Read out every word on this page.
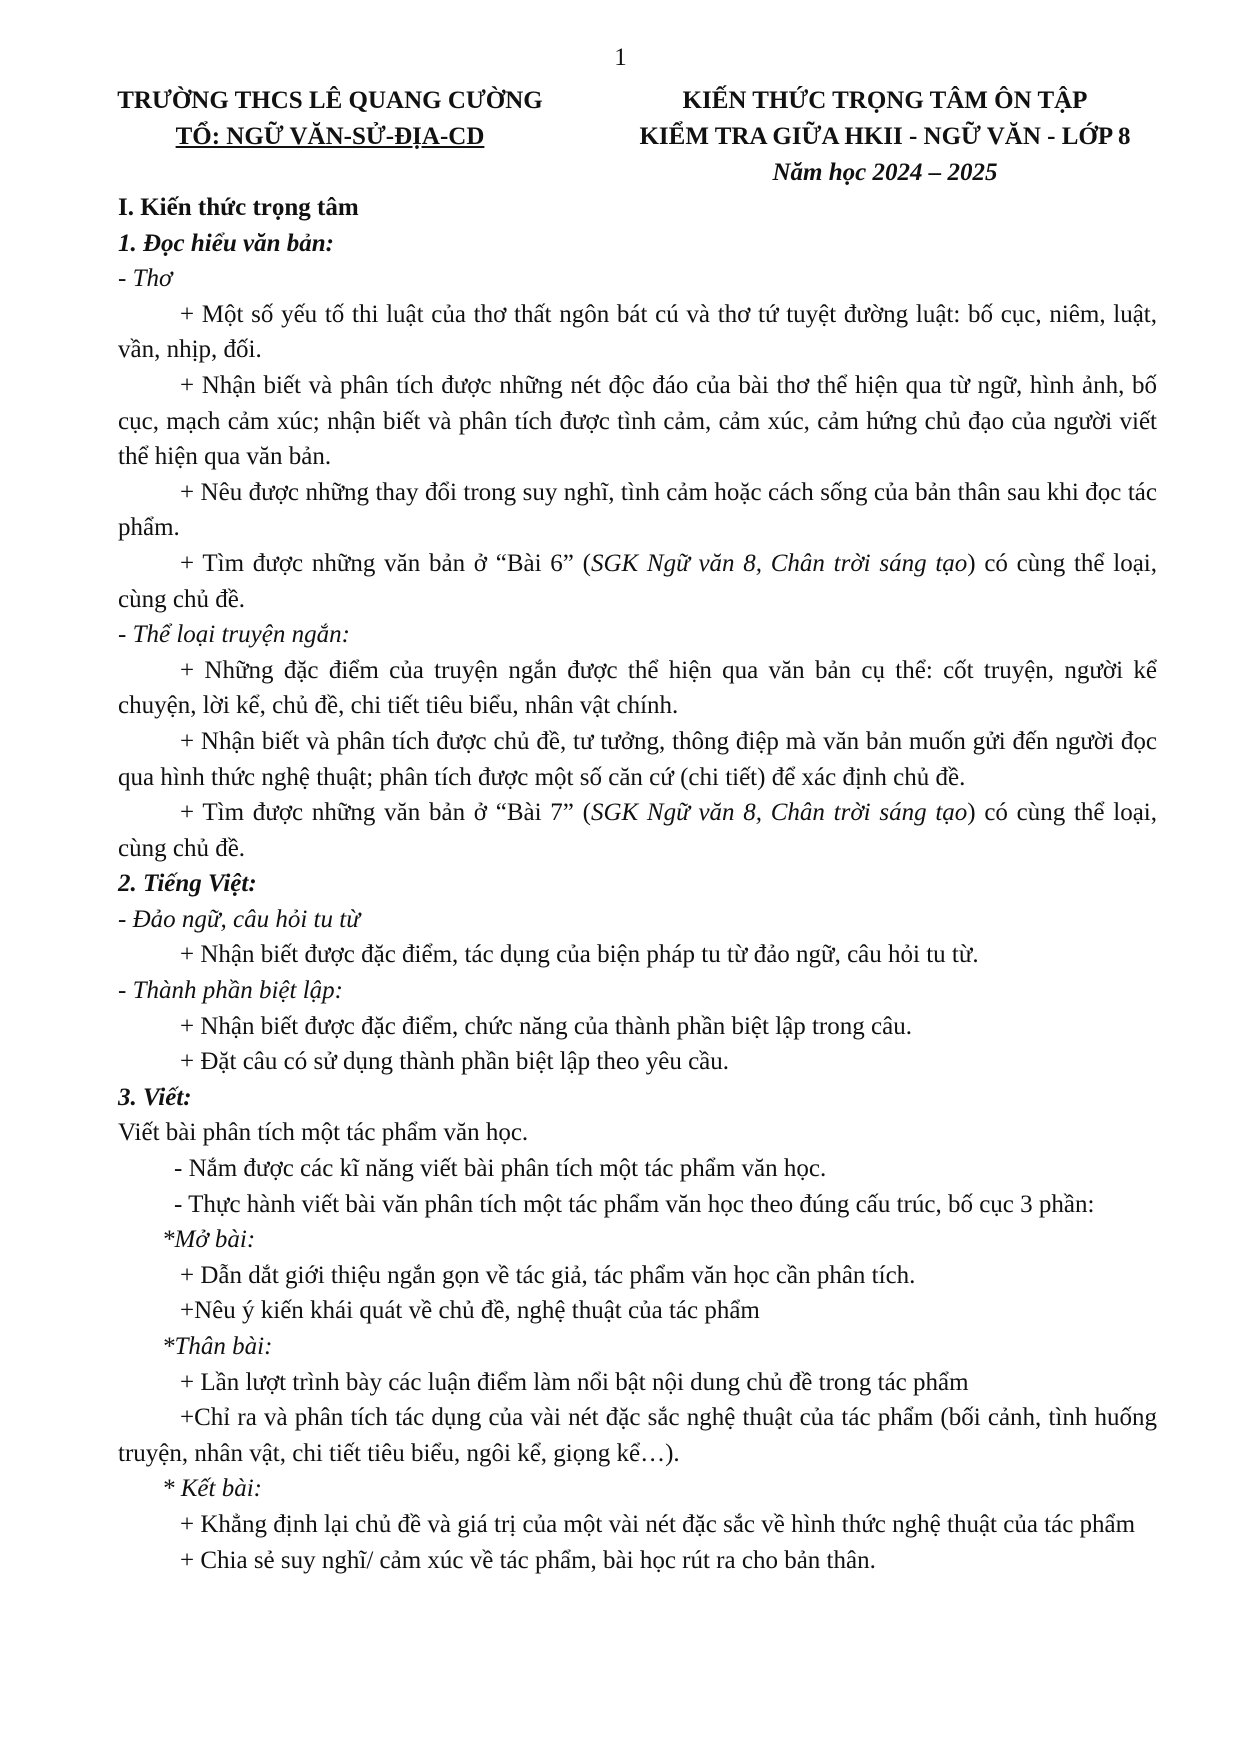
1
TRƯỜNG THCS LÊ QUANG CƯỜNG
TỔ: NGỮ VĂN-SỬ-ĐỊA-CD
KIẾN THỨC TRỌNG TÂM ÔN TẬP
KIỂM TRA GIỮA HKII - NGỮ VĂN - LỚP 8
Năm học 2024 – 2025

I. Kiến thức trọng tâm

1. Đọc hiểu văn bản:

- Thơ

+ Một số yếu tố thi luật của thơ thất ngôn bát cú và thơ tứ tuyệt đường luật: bố cục, niêm, luật, vần, nhịp, đối.

+ Nhận biết và phân tích được những nét độc đáo của bài thơ thể hiện qua từ ngữ, hình ảnh, bố cục, mạch cảm xúc; nhận biết và phân tích được tình cảm, cảm xúc, cảm hứng chủ đạo của người viết thể hiện qua văn bản.

+ Nêu được những thay đổi trong suy nghĩ, tình cảm hoặc cách sống của bản thân sau khi đọc tác phẩm.

+ Tìm được những văn bản ở “Bài 6” (SGK Ngữ văn 8, Chân trời sáng tạo) có cùng thể loại, cùng chủ đề.

- Thể loại truyện ngắn:

+ Những đặc điểm của truyện ngắn được thể hiện qua văn bản cụ thể: cốt truyện, người kể chuyện, lời kể, chủ đề, chi tiết tiêu biểu, nhân vật chính.

+ Nhận biết và phân tích được chủ đề, tư tưởng, thông điệp mà văn bản muốn gửi đến người đọc qua hình thức nghệ thuật; phân tích được một số căn cứ (chi tiết) để xác định chủ đề.

+ Tìm được những văn bản ở “Bài 7” (SGK Ngữ văn 8, Chân trời sáng tạo) có cùng thể loại, cùng chủ đề.

2. Tiếng Việt:

- Đảo ngữ, câu hỏi tu từ

+ Nhận biết được đặc điểm, tác dụng của biện pháp tu từ đảo ngữ, câu hỏi tu từ.

- Thành phần biệt lập:

+ Nhận biết được đặc điểm, chức năng của thành phần biệt lập trong câu.

+ Đặt câu có sử dụng thành phần biệt lập theo yêu cầu.

3. Viết:

Viết bài phân tích một tác phẩm văn học.

- Nắm được các kĩ năng viết bài phân tích một tác phẩm văn học.

- Thực hành viết bài văn phân tích một tác phẩm văn học theo đúng cấu trúc, bố cục 3 phần:

*Mở bài:

+ Dẫn dắt giới thiệu ngắn gọn về tác giả, tác phẩm văn học cần phân tích.

+Nêu ý kiến khái quát về chủ đề, nghệ thuật của tác phẩm

*Thân bài:

+ Lần lượt trình bày các luận điểm làm nổi bật nội dung chủ đề trong tác phẩm

+Chỉ ra và phân tích tác dụng của vài nét đặc sắc nghệ thuật của tác phẩm (bối cảnh, tình huống truyện, nhân vật, chi tiết tiêu biểu, ngôi kể, giọng kể…).

* Kết bài:

+ Khẳng định lại chủ đề và giá trị của một vài nét đặc sắc về hình thức nghệ thuật của tác phẩm

+ Chia sẻ suy nghĩ/ cảm xúc về tác phẩm, bài học rút ra cho bản thân.
